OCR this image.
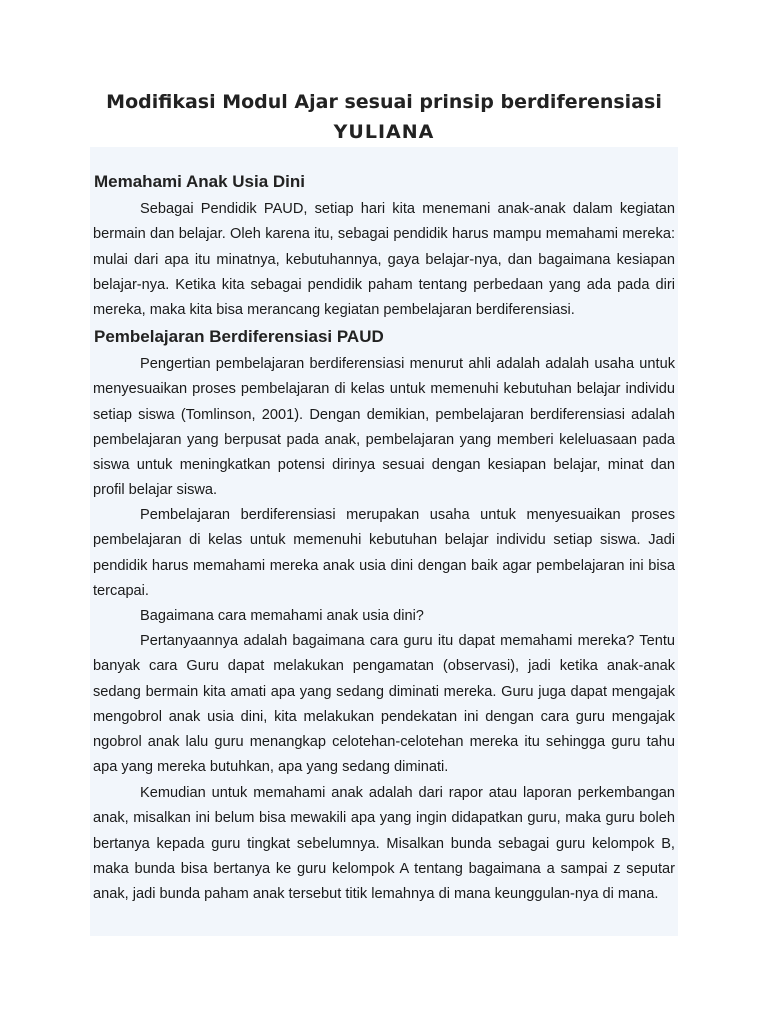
Modifikasi Modul Ajar sesuai prinsip berdiferensiasi
YULIANA
Memahami Anak Usia Dini

Sebagai Pendidik PAUD, setiap hari kita menemani anak-anak dalam kegiatan bermain dan belajar. Oleh karena itu, sebagai pendidik harus mampu memahami mereka: mulai dari apa itu minatnya, kebutuhannya, gaya belajar-nya, dan bagaimana kesiapan belajar-nya. Ketika kita sebagai pendidik paham tentang perbedaan yang ada pada diri mereka, maka kita bisa merancang kegiatan pembelajaran berdiferensiasi.

Pembelajaran Berdiferensiasi PAUD

Pengertian pembelajaran berdiferensiasi menurut ahli adalah adalah usaha untuk menyesuaikan proses pembelajaran di kelas untuk memenuhi kebutuhan belajar individu setiap siswa (Tomlinson, 2001). Dengan demikian, pembelajaran berdiferensiasi adalah pembelajaran yang berpusat pada anak, pembelajaran yang memberi keleluasaan pada siswa untuk meningkatkan potensi dirinya sesuai dengan kesiapan belajar, minat dan profil belajar siswa.

Pembelajaran berdiferensiasi merupakan usaha untuk menyesuaikan proses pembelajaran di kelas untuk memenuhi kebutuhan belajar individu setiap siswa. Jadi pendidik harus memahami mereka anak usia dini dengan baik agar pembelajaran ini bisa tercapai.

Bagaimana cara memahami anak usia dini?

Pertanyaannya adalah bagaimana cara guru itu dapat memahami mereka? Tentu banyak cara Guru dapat melakukan pengamatan (observasi), jadi ketika anak-anak sedang bermain kita amati apa yang sedang diminati mereka. Guru juga dapat mengajak mengobrol anak usia dini, kita melakukan pendekatan ini dengan cara guru mengajak ngobrol anak lalu guru menangkap celotehan-celotehan mereka itu sehingga guru tahu apa yang mereka butuhkan, apa yang sedang diminati.

Kemudian untuk memahami anak adalah dari rapor atau laporan perkembangan anak, misalkan ini belum bisa mewakili apa yang ingin didapatkan guru, maka guru boleh bertanya kepada guru tingkat sebelumnya. Misalkan bunda sebagai guru kelompok B, maka bunda bisa bertanya ke guru kelompok A tentang bagaimana a sampai z seputar anak, jadi bunda paham anak tersebut titik lemahnya di mana keunggulan-nya di mana.
